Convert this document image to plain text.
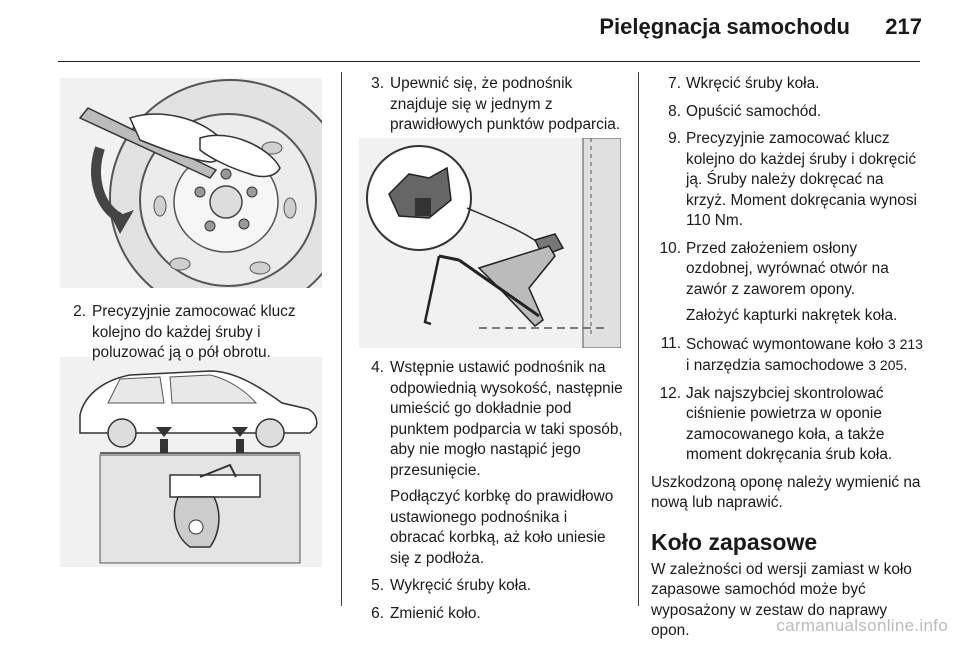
Pielęgnacja samochodu 217
2. Precyzyjnie zamocować klucz kolejno do każdej śruby i poluzować ją o pół obrotu.
3. Upewnić się, że podnośnik znajduje się w jednym z prawidłowych punktów podparcia.
4. Wstępnie ustawić podnośnik na odpowiednią wysokość, następnie umieścić go dokładnie pod punktem podparcia w taki sposób, aby nie mogło nastąpić jego przesunięcie.

Podłączyć korbkę do prawidłowo ustawionego podnośnika i obracać korbką, aż koło uniesie się z podłoża.

5. Wykręcić śruby koła.
6. Zmienić koło.
7. Wkręcić śruby koła.
8. Opuścić samochód.
9. Precyzyjnie zamocować klucz kolejno do każdej śruby i dokręcić ją. Śruby należy dokręcać na krzyż. Moment dokręcania wynosi 110 Nm.
10. Przed założeniem osłony ozdobnej, wyrównać otwór na zawór z zaworem opony.

Założyć kapturki nakrętek koła.

11. Schować wymontowane koło 3 213 i narzędzia samochodowe 3 205.
12. Jak najszybciej skontrolować ciśnienie powietrza w oponie zamocowanego koła, a także moment dokręcania śrub koła.

Uszkodzoną oponę należy wymienić na nową lub naprawić.

Koło zapasowe

W zależności od wersji zamiast w koło zapasowe samochód może być wyposażony w zestaw do naprawy opon.	carmanualsonline.info
